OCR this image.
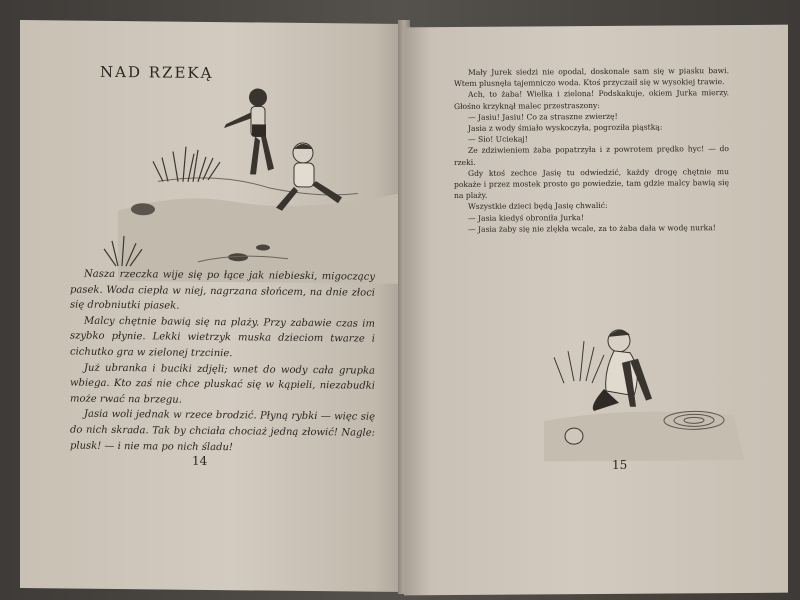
NAD RZEKĄ

Nasza rzeczka wije się po łące jak niebieski, migoczący pasek. Woda ciepła w niej, nagrzana słońcem, na dnie złoci się drobniutki piasek.

Malcy chętnie bawią się na plaży. Przy zabawie czas im szybko płynie. Lekki wietrzyk muska dzieciom twarze i cichutko gra w zielonej trzcinie.

Już ubranka i buciki zdjęli; wnet do wody cała grupka wbiega. Kto zaś nie chce pluskać się w kąpieli, niezabudki może rwać na brzegu.

Jasia woli jednak w rzece brodzić. Płyną rybki — więc się do nich skrada. Tak by chciała chociaż jedną złowić! Nagle: plusk! — i nie ma po nich śladu!

14

Mały Jurek siedzi nie opodal, doskonale sam się w piasku bawi. Wtem plusnęła tajemniczo woda. Ktoś przyczaił się w wysokiej trawie.

Ach, to żaba! Wielka i zielona! Podskakuje, okiem Jurka mierzy. Głośno krzyknął malec przestraszony:

— Jasiu! Jasiu! Co za straszne zwierzę!

Jasia z wody śmiało wyskoczyła, pogroziła piąstką:

— Sio! Uciekaj!

Ze zdziwieniem żaba popatrzyła i z powrotem prędko hyc! — do rzeki.

Gdy ktoś zechce Jasię tu odwiedzić, każdy drogę chętnie mu pokaże i przez mostek prosto go powiedzie, tam gdzie malcy bawią się na plaży.

Wszystkie dzieci będą Jasię chwalić:

— Jasia kiedyś obroniła Jurka!

— Jasia żaby się nie zlękła wcale, za to żaba dała w wodę nurka!

15
